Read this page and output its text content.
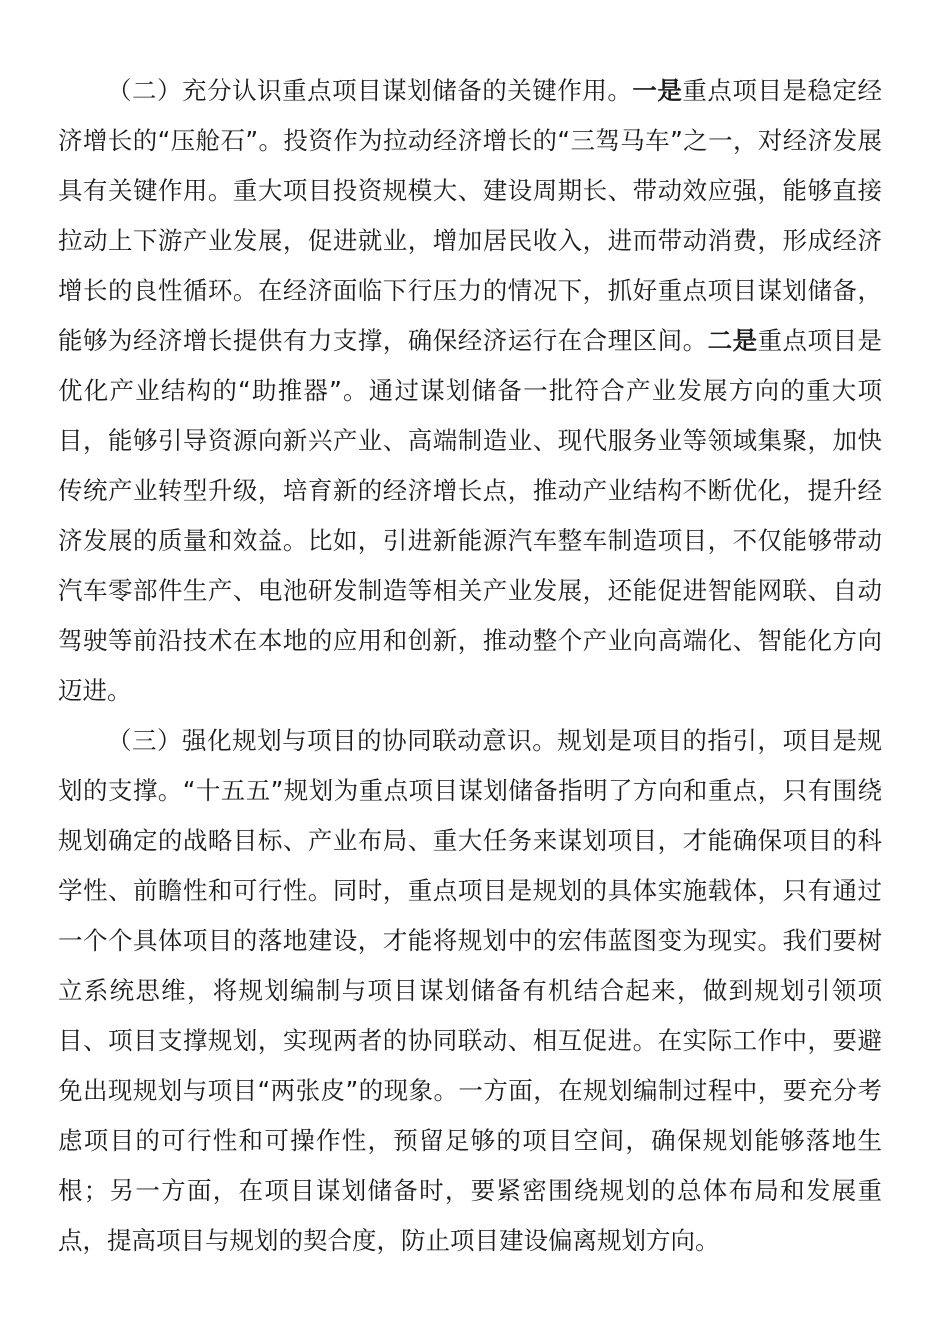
（二）充分认识重点项目谋划储备的关键作用。一是重点项目是稳定经济增长的“压舱石”。投资作为拉动经济增长的“三驾马车”之一，对经济发展具有关键作用。重大项目投资规模大、建设周期长、带动效应强，能够直接拉动上下游产业发展，促进就业，增加居民收入，进而带动消费，形成经济增长的良性循环。在经济面临下行压力的情况下，抓好重点项目谋划储备，能够为经济增长提供有力支撑，确保经济运行在合理区间。二是重点项目是优化产业结构的“助推器”。通过谋划储备一批符合产业发展方向的重大项目，能够引导资源向新兴产业、高端制造业、现代服务业等领域集聚，加快传统产业转型升级，培育新的经济增长点，推动产业结构不断优化，提升经济发展的质量和效益。比如，引进新能源汽车整车制造项目，不仅能够带动汽车零部件生产、电池研发制造等相关产业发展，还能促进智能网联、自动驾驶等前沿技术在本地的应用和创新，推动整个产业向高端化、智能化方向迈进。

（三）强化规划与项目的协同联动意识。规划是项目的指引，项目是规划的支撑。“十五五”规划为重点项目谋划储备指明了方向和重点，只有围绕规划确定的战略目标、产业布局、重大任务来谋划项目，才能确保项目的科学性、前瞻性和可行性。同时，重点项目是规划的具体实施载体，只有通过一个个具体项目的落地建设，才能将规划中的宏伟蓝图变为现实。我们要树立系统思维，将规划编制与项目谋划储备有机结合起来，做到规划引领项目、项目支撑规划，实现两者的协同联动、相互促进。在实际工作中，要避免出现规划与项目“两张皮”的现象。一方面，在规划编制过程中，要充分考虑项目的可行性和可操作性，预留足够的项目空间，确保规划能够落地生根；另一方面，在项目谋划储备时，要紧密围绕规划的总体布局和发展重点，提高项目与规划的契合度，防止项目建设偏离规划方向。
